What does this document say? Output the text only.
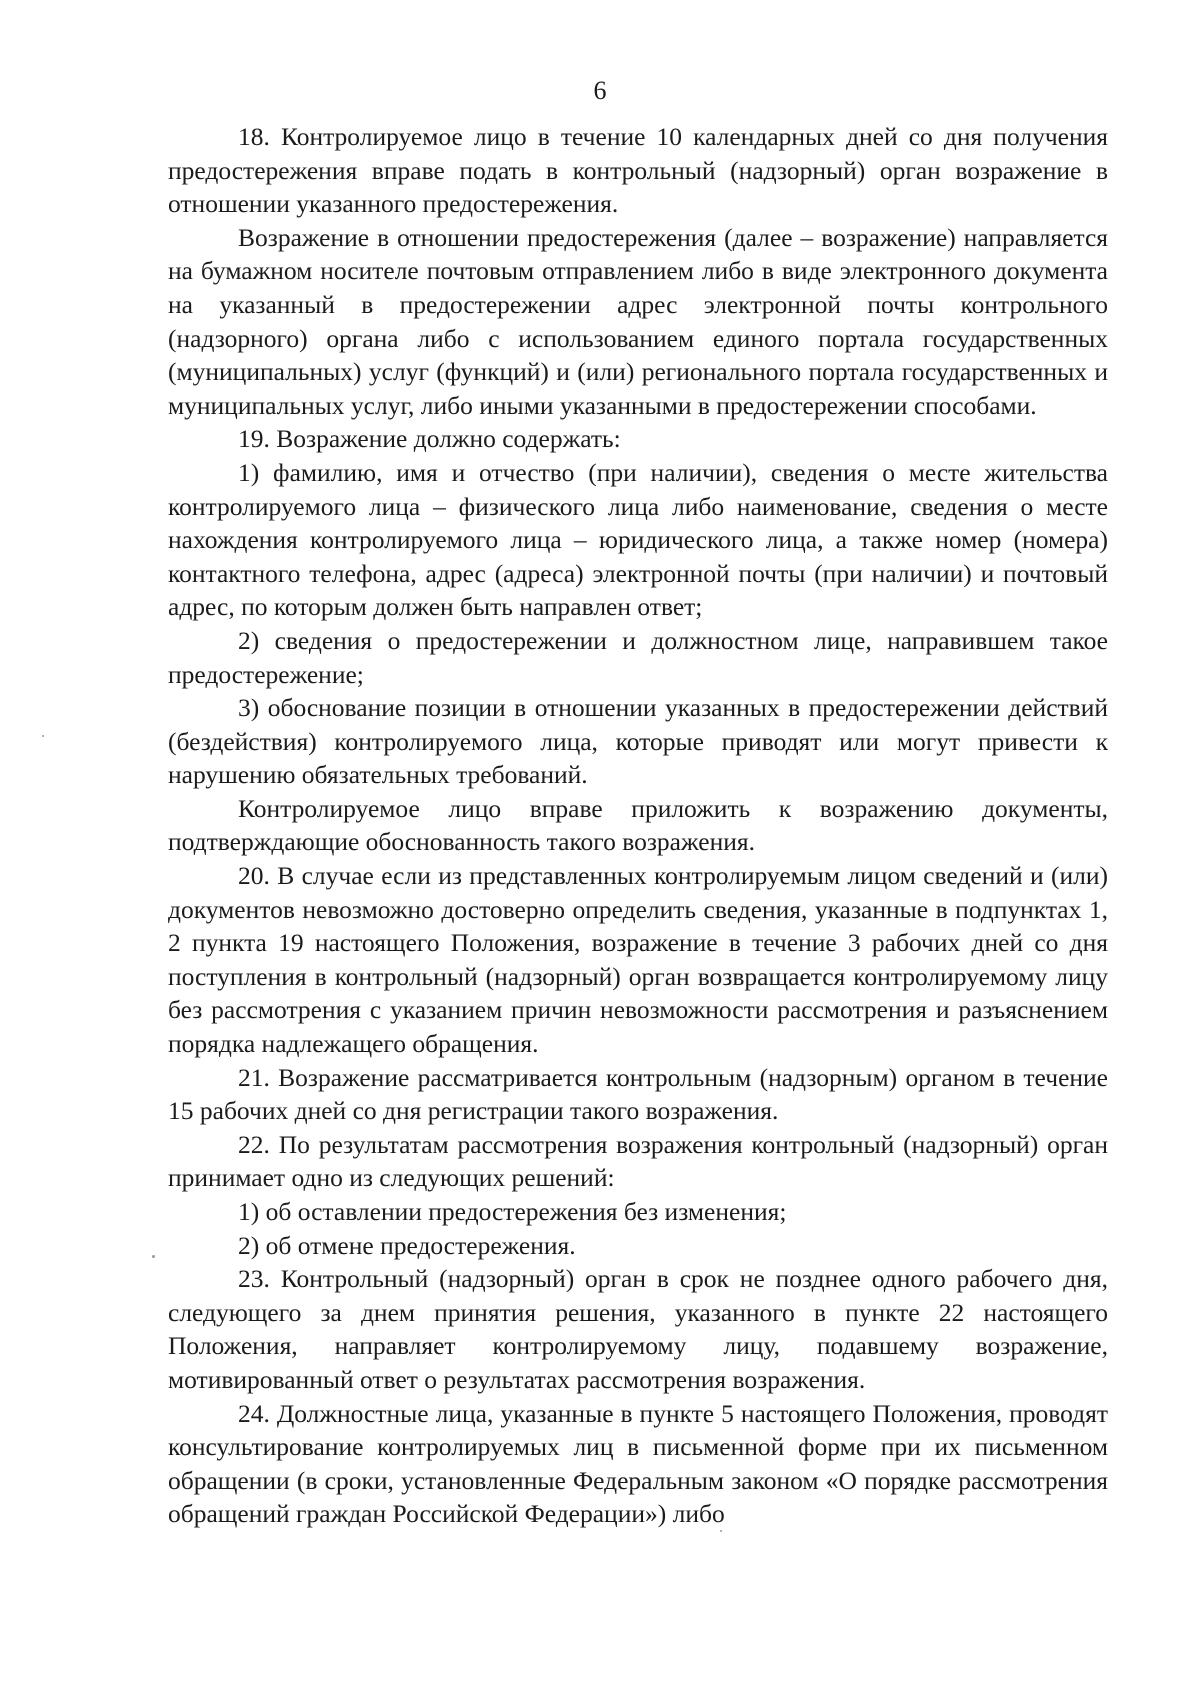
6

18. Контролируемое лицо в течение 10 календарных дней со дня получения предостережения вправе подать в контрольный (надзорный) орган возражение в отношении указанного предостережения.

Возражение в отношении предостережения (далее – возражение) направляется на бумажном носителе почтовым отправлением либо в виде электронного документа на указанный в предостережении адрес электронной почты контрольного (надзорного) органа либо с использованием единого портала государственных (муниципальных) услуг (функций) и (или) регионального портала государственных и муниципальных услуг, либо иными указанными в предостережении способами.

19. Возражение должно содержать:

1) фамилию, имя и отчество (при наличии), сведения о месте жительства контролируемого лица – физического лица либо наименование, сведения о месте нахождения контролируемого лица – юридического лица, а также номер (номера) контактного телефона, адрес (адреса) электронной почты (при наличии) и почтовый адрес, по которым должен быть направлен ответ;

2) сведения о предостережении и должностном лице, направившем такое предостережение;

3) обоснование позиции в отношении указанных в предостережении действий (бездействия) контролируемого лица, которые приводят или могут привести к нарушению обязательных требований.

Контролируемое лицо вправе приложить к возражению документы, подтверждающие обоснованность такого возражения.

20. В случае если из представленных контролируемым лицом сведений и (или) документов невозможно достоверно определить сведения, указанные в подпунктах 1, 2 пункта 19 настоящего Положения, возражение в течение 3 рабочих дней со дня поступления в контрольный (надзорный) орган возвращается контролируемому лицу без рассмотрения с указанием причин невозможности рассмотрения и разъяснением порядка надлежащего обращения.

21. Возражение рассматривается контрольным (надзорным) органом в течение 15 рабочих дней со дня регистрации такого возражения.

22. По результатам рассмотрения возражения контрольный (надзорный) орган принимает одно из следующих решений:

1) об оставлении предостережения без изменения;

2) об отмене предостережения.

23. Контрольный (надзорный) орган в срок не позднее одного рабочего дня, следующего за днем принятия решения, указанного в пункте 22 настоящего Положения, направляет контролируемому лицу, подавшему возражение, мотивированный ответ о результатах рассмотрения возражения.

24. Должностные лица, указанные в пункте 5 настоящего Положения, проводят консультирование контролируемых лиц в письменной форме при их письменном обращении (в сроки, установленные Федеральным законом «О порядке рассмотрения обращений граждан Российской Федерации») либо
